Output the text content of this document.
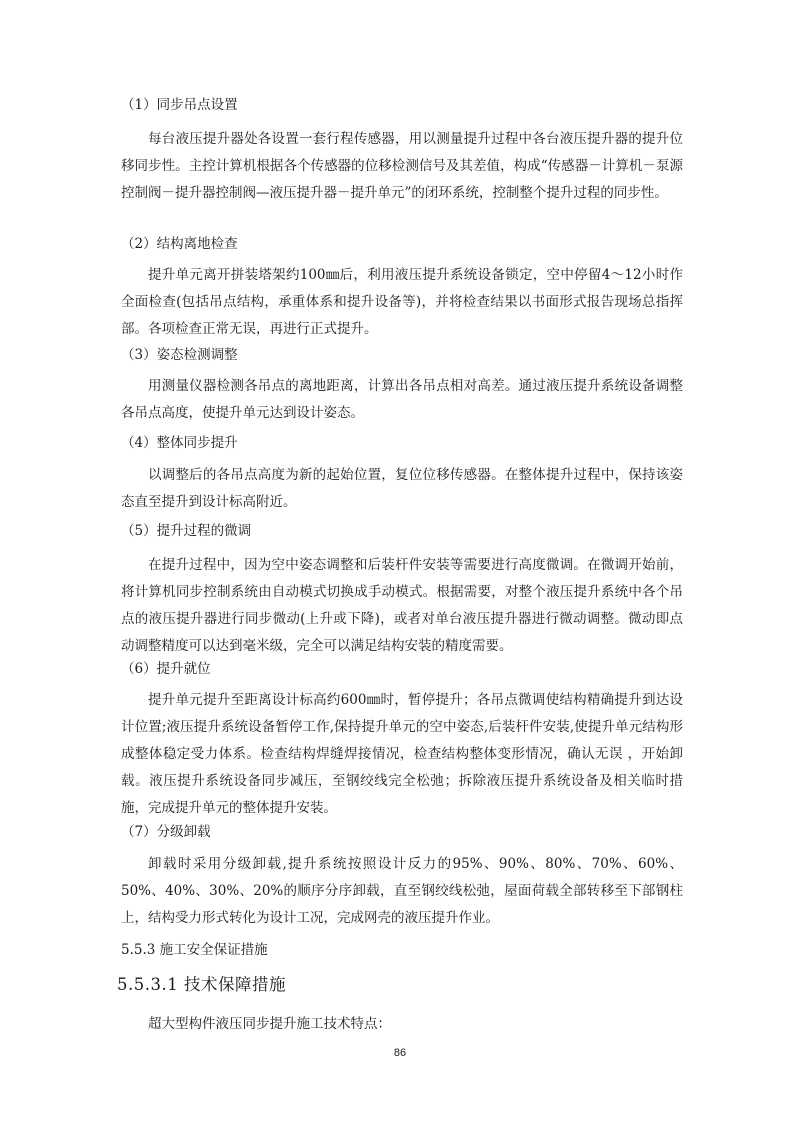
（1）同步吊点设置
每台液压提升器处各设置一套行程传感器，用以测量提升过程中各台液压提升器的提升位移同步性。主控计算机根据各个传感器的位移检测信号及其差值，构成“传感器－计算机－泵源控制阀－提升器控制阀—液压提升器－提升单元”的闭环系统，控制整个提升过程的同步性。
（2）结构离地检查
提升单元离开拼装塔架约100㎜后，利用液压提升系统设备锁定，空中停留4～12小时作全面检查(包括吊点结构，承重体系和提升设备等)，并将检查结果以书面形式报告现场总指挥部。各项检查正常无误，再进行正式提升。
（3）姿态检测调整
用测量仪器检测各吊点的离地距离，计算出各吊点相对高差。通过液压提升系统设备调整各吊点高度，使提升单元达到设计姿态。
（4）整体同步提升
以调整后的各吊点高度为新的起始位置，复位位移传感器。在整体提升过程中，保持该姿态直至提升到设计标高附近。
（5）提升过程的微调
在提升过程中，因为空中姿态调整和后装杆件安装等需要进行高度微调。在微调开始前，将计算机同步控制系统由自动模式切换成手动模式。根据需要，对整个液压提升系统中各个吊点的液压提升器进行同步微动(上升或下降)，或者对单台液压提升器进行微动调整。微动即点动调整精度可以达到毫米级，完全可以满足结构安装的精度需要。
（6）提升就位
提升单元提升至距离设计标高约600㎜时，暂停提升；各吊点微调使结构精确提升到达设计位置;液压提升系统设备暂停工作,保持提升单元的空中姿态,后装杆件安装,使提升单元结构形成整体稳定受力体系。检查结构焊缝焊接情况，检查结构整体变形情况，确认无误 ，开始卸载。液压提升系统设备同步减压，至钢绞线完全松弛；拆除液压提升系统设备及相关临时措施，完成提升单元的整体提升安装。
（7）分级卸载
卸载时采用分级卸载,提升系统按照设计反力的95%、90%、80%、70%、60%、50%、40%、30%、20%的顺序分序卸载，直至钢绞线松弛，屋面荷载全部转移至下部钢柱上，结构受力形式转化为设计工况，完成网壳的液压提升作业。
5.5.3 施工安全保证措施
5.5.3.1 技术保障措施
超大型构件液压同步提升施工技术特点：
86
